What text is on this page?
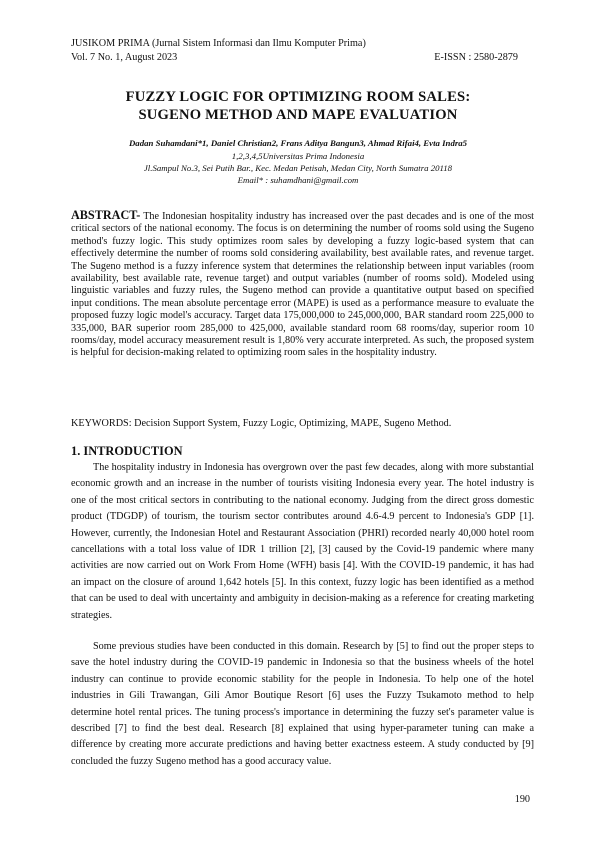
JUSIKOM PRIMA (Jurnal Sistem Informasi dan Ilmu Komputer Prima)
Vol. 7 No. 1, August 2023	E-ISSN : 2580-2879
FUZZY LOGIC FOR OPTIMIZING ROOM SALES:
SUGENO METHOD AND MAPE EVALUATION
Dadan Suhamdani*1, Daniel Christian2, Frans Aditya Bangun3, Ahmad Rifai4, Evta Indra5
1,2,3,4,5Universitas Prima Indonesia
Jl.Sampul No.3, Sei Putih Bar., Kec. Medan Petisah, Medan City, North Sumatra 20118
Email* : suhamdhani@gmail.com

ABSTRACT- The Indonesian hospitality industry has increased over the past decades and is one of the most critical sectors of the national economy. The focus is on determining the number of rooms sold using the Sugeno method's fuzzy logic. This study optimizes room sales by developing a fuzzy logic-based system that can effectively determine the number of rooms sold considering availability, best available rates, and revenue target. The Sugeno method is a fuzzy inference system that determines the relationship between input variables (room availability, best available rate, revenue target) and output variables (number of rooms sold). Modeled using linguistic variables and fuzzy rules, the Sugeno method can provide a quantitative output based on specified input conditions. The mean absolute percentage error (MAPE) is used as a performance measure to evaluate the proposed fuzzy logic model's accuracy. Target data 175,000,000 to 245,000,000, BAR standard room 225,000 to 335,000, BAR superior room 285,000 to 425,000, available standard room 68 rooms/day, superior room 10 rooms/day, model accuracy measurement result is 1,80% very accurate interpreted. As such, the proposed system is helpful for decision-making related to optimizing room sales in the hospitality industry.

KEYWORDS: Decision Support System, Fuzzy Logic, Optimizing, MAPE, Sugeno Method.

1. INTRODUCTION

The hospitality industry in Indonesia has overgrown over the past few decades, along with more substantial economic growth and an increase in the number of tourists visiting Indonesia every year. The hotel industry is one of the most critical sectors in contributing to the national economy. Judging from the direct gross domestic product (TDGDP) of tourism, the tourism sector contributes around 4.6-4.9 percent to Indonesia's GDP [1]. However, currently, the Indonesian Hotel and Restaurant Association (PHRI) recorded nearly 40,000 hotel room cancellations with a total loss value of IDR 1 trillion [2], [3] caused by the Covid-19 pandemic where many activities are now carried out on Work From Home (WFH) basis [4]. With the COVID-19 pandemic, it has had an impact on the closure of around 1,642 hotels [5]. In this context, fuzzy logic has been identified as a method that can be used to deal with uncertainty and ambiguity in decision-making as a reference for creating marketing strategies.

Some previous studies have been conducted in this domain. Research by [5] to find out the proper steps to save the hotel industry during the COVID-19 pandemic in Indonesia so that the business wheels of the hotel industry can continue to provide economic stability for the people in Indonesia. To help one of the hotel industries in Gili Trawangan, Gili Amor Boutique Resort [6] uses the Fuzzy Tsukamoto method to help determine hotel rental prices. The tuning process's importance in determining the fuzzy set's parameter value is described [7] to find the best deal. Research [8] explained that using hyper-parameter tuning can make a difference by creating more accurate predictions and having better exactness esteem. A study conducted by [9] concluded the fuzzy Sugeno method has a good accuracy value.

190
